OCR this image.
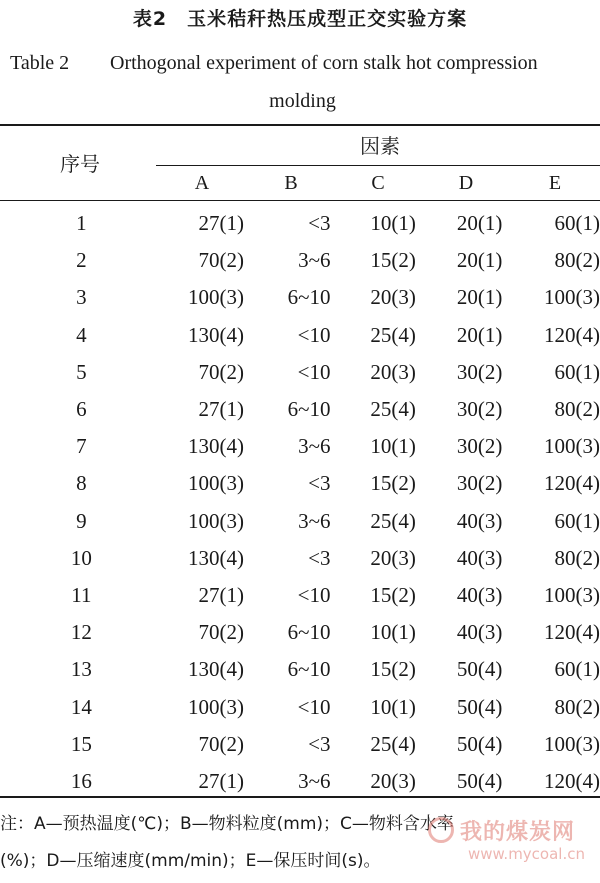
表2　玉米秸秆热压成型正交实验方案
Table 2 Orthogonal experiment of corn stalk hot compression
molding
序号
因素
A	B	C	D	E
1	27(1)	<3	10(1)	20(1)	60(1)
2	70(2)	3~6	15(2)	20(1)	80(2)
3	100(3)	6~10	20(3)	20(1)	100(3)
4	130(4)	<10	25(4)	20(1)	120(4)
5	70(2)	<10	20(3)	30(2)	60(1)
6	27(1)	6~10	25(4)	30(2)	80(2)
7	130(4)	3~6	10(1)	30(2)	100(3)
8	100(3)	<3	15(2)	30(2)	120(4)
9	100(3)	3~6	25(4)	40(3)	60(1)
10	130(4)	<3	20(3)	40(3)	80(2)
11	27(1)	<10	15(2)	40(3)	100(3)
12	70(2)	6~10	10(1)	40(3)	120(4)
13	130(4)	6~10	15(2)	50(4)	60(1)
14	100(3)	<10	10(1)	50(4)	80(2)
15	70(2)	<3	25(4)	50(4)	100(3)
16	27(1)	3~6	20(3)	50(4)	120(4)
注：A—预热温度(℃)；B—物料粒度(mm)；C—物料含水率
(%)；D—压缩速度(mm/min)；E—保压时间(s)。
我的煤炭网
www.mycoal.cn
